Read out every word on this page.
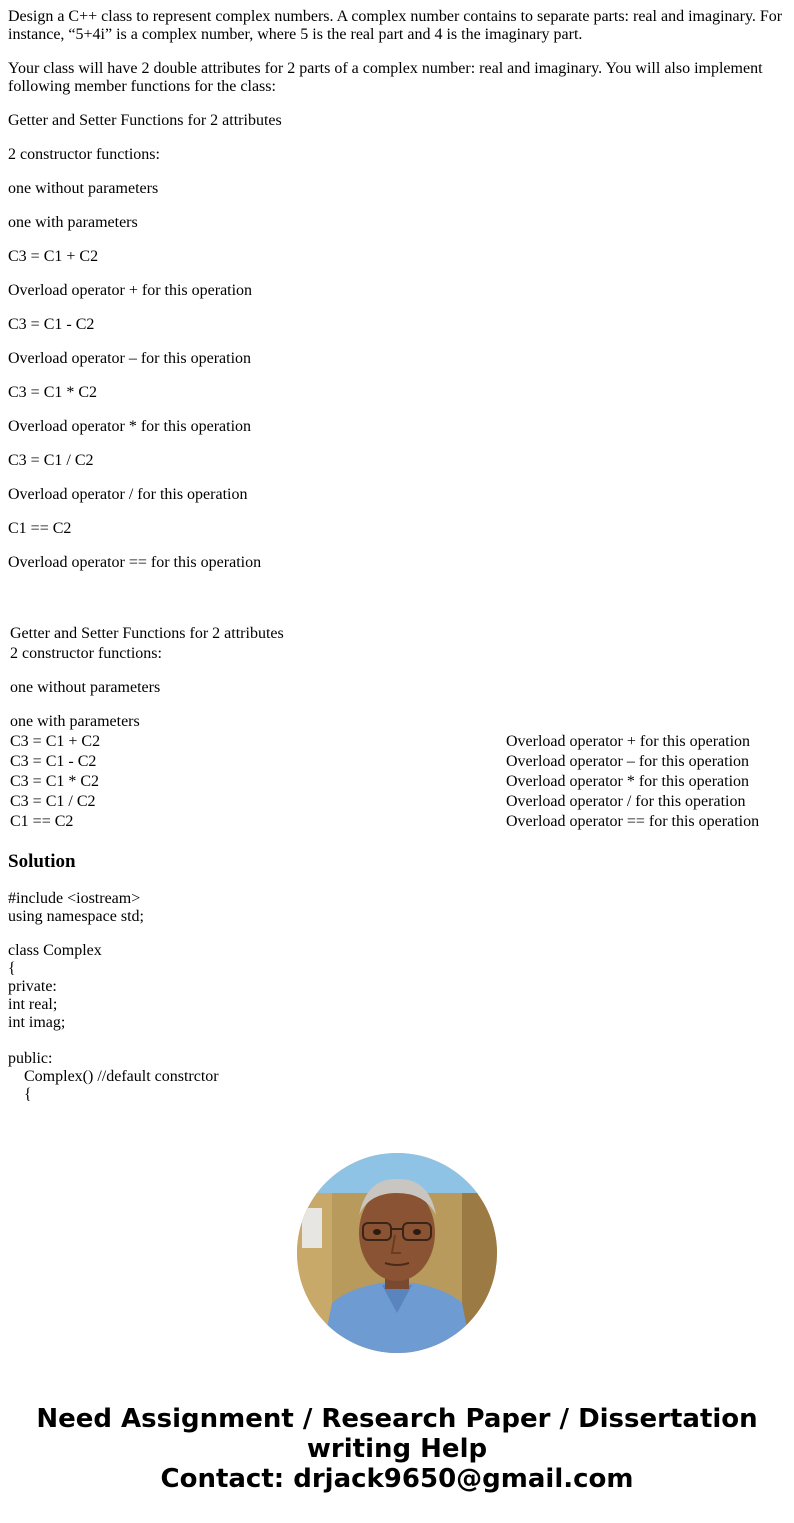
Design a C++ class to represent complex numbers. A complex number contains to separate parts: real and imaginary. For instance, “5+4i” is a complex number, where 5 is the real part and 4 is the imaginary part.

Your class will have 2 double attributes for 2 parts of a complex number: real and imaginary. You will also implement following member functions for the class:

Getter and Setter Functions for 2 attributes

2 constructor functions:

one without parameters

one with parameters

C3 = C1 + C2

Overload operator + for this operation

C3 = C1 - C2

Overload operator – for this operation

C3 = C1 * C2

Overload operator * for this operation

C3 = C1 / C2

Overload operator / for this operation

C1 == C2

Overload operator == for this operation

Getter and Setter Functions for 2 attributes
2 constructor functions:
one without parameters
one with parameters
C3 = C1 + C2	Overload operator + for this operation
C3 = C1 - C2	Overload operator – for this operation
C3 = C1 * C2	Overload operator * for this operation
C3 = C1 / C2	Overload operator / for this operation
C1 == C2	Overload operator == for this operation
Solution
#include <iostream>
using namespace std;
class Complex
{
private:
int real;
int imag;
public:
Complex() //default constrctor
{
Need Assignment / Research Paper / Dissertation
writing Help
Contact: drjack9650@gmail.com
